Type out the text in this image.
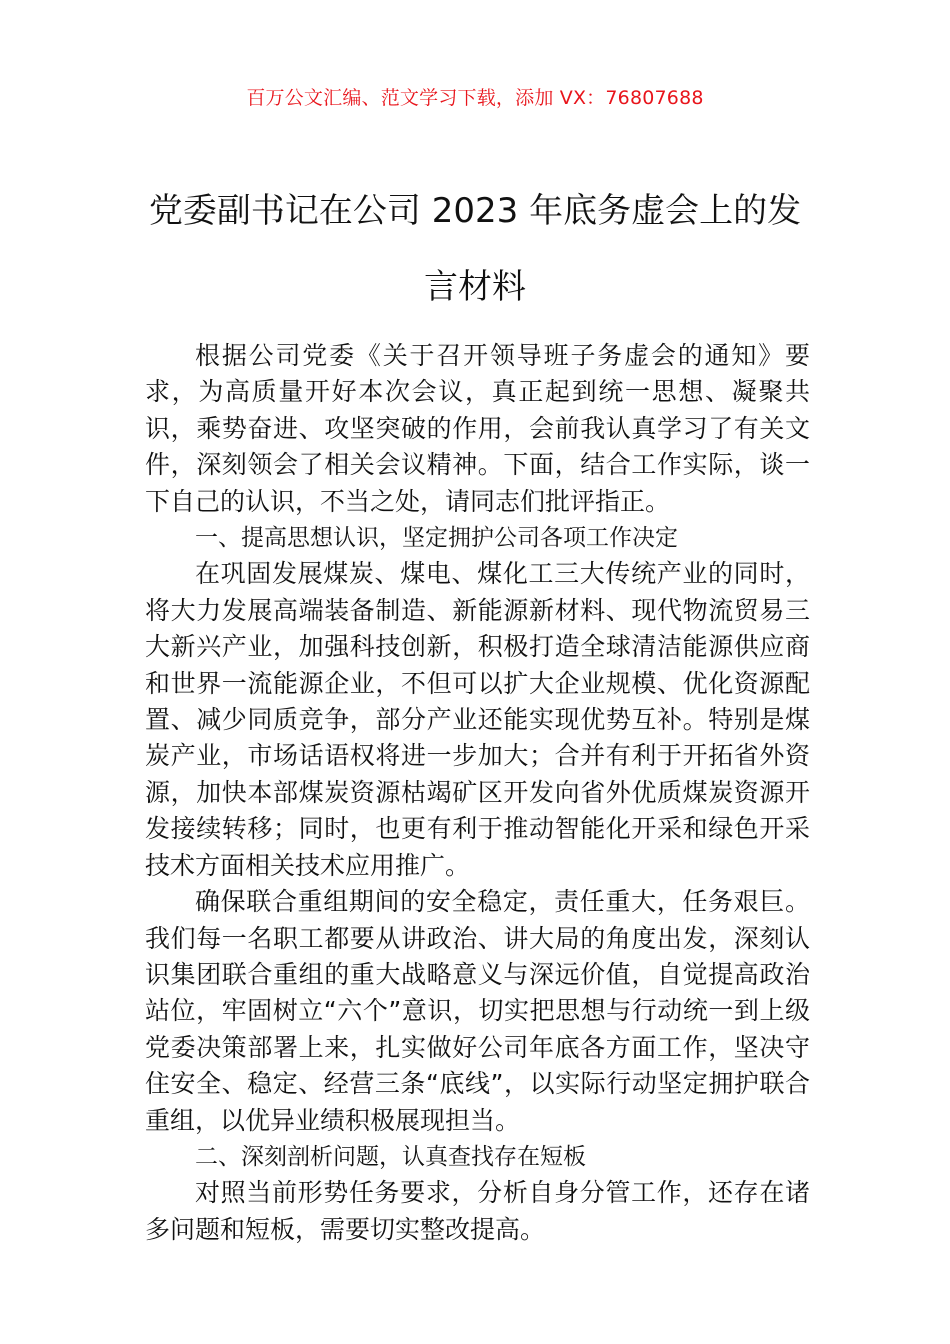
百万公文汇编、范文学习下载，添加 VX：76807688
党委副书记在公司 2023 年底务虚会上的发言材料

根据公司党委《关于召开领导班子务虚会的通知》要求，为高质量开好本次会议，真正起到统一思想、凝聚共识，乘势奋进、攻坚突破的作用，会前我认真学习了有关文件，深刻领会了相关会议精神。下面，结合工作实际，谈一下自己的认识，不当之处，请同志们批评指正。

一、提高思想认识，坚定拥护公司各项工作决定

在巩固发展煤炭、煤电、煤化工三大传统产业的同时，将大力发展高端装备制造、新能源新材料、现代物流贸易三大新兴产业，加强科技创新，积极打造全球清洁能源供应商和世界一流能源企业，不但可以扩大企业规模、优化资源配置、减少同质竞争，部分产业还能实现优势互补。特别是煤炭产业，市场话语权将进一步加大；合并有利于开拓省外资源，加快本部煤炭资源枯竭矿区开发向省外优质煤炭资源开发接续转移；同时，也更有利于推动智能化开采和绿色开采技术方面相关技术应用推广。

确保联合重组期间的安全稳定，责任重大，任务艰巨。我们每一名职工都要从讲政治、讲大局的角度出发，深刻认识集团联合重组的重大战略意义与深远价值，自觉提高政治站位，牢固树立“六个”意识，切实把思想与行动统一到上级党委决策部署上来，扎实做好公司年底各方面工作，坚决守住安全、稳定、经营三条“底线”，以实际行动坚定拥护联合重组，以优异业绩积极展现担当。

二、深刻剖析问题，认真查找存在短板

对照当前形势任务要求，分析自身分管工作，还存在诸多问题和短板，需要切实整改提高。
